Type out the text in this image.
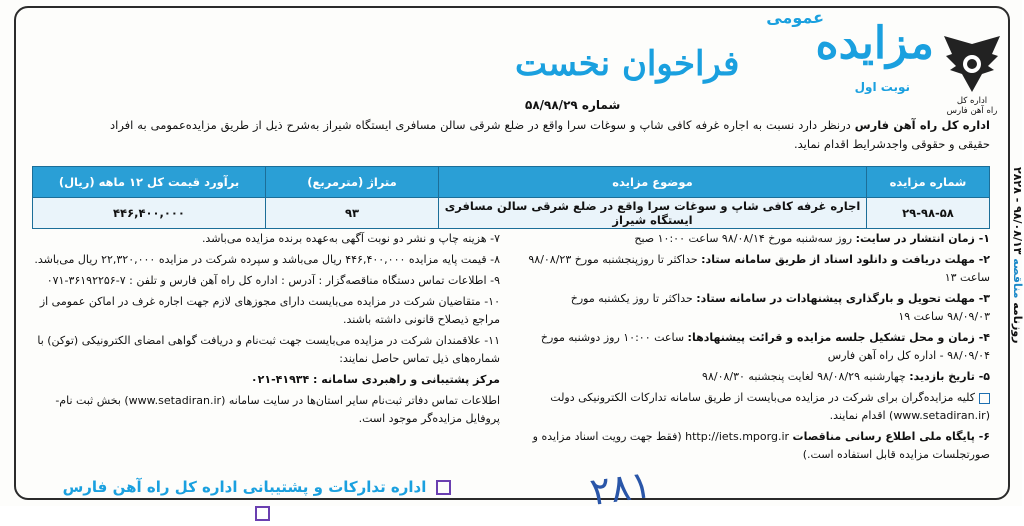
روزنامه مناقصه ۹۸/۰۸/۱۳ - ۲۸۲۸
اداره کل
راه آهن فارس
عمومی
مزایده
فراخوان نخست
نوبت اول
شماره ۵۸/۹۸/۲۹
اداره کل راه آهن فارس درنظر دارد نسبت به اجاره غرفه کافی شاپ و سوغات سرا واقع در ضلع شرقی سالن مسافری ایستگاه شیراز به‌شرح ذیل از طریق مزایده‌عمومی به افراد حقیقی و حقوقی واجدشرایط اقدام نماید.
شماره مزایده	موضوع مزایده	متراژ (مترمربع)	برآورد قیمت کل ۱۲ ماهه (ریال)
۲۹-۹۸-۵۸	اجاره غرفه کافی شاپ و سوغات سرا واقع در ضلع شرقی سالن مسافری ایستگاه شیراز	۹۳	۴۴۶,۴۰۰,۰۰۰
۱- زمان انتشار در سایت: روز سه‌شنبه مورخ ۹۸/۰۸/۱۴ ساعت ۱۰:۰۰ صبح
۲- مهلت دریافت و دانلود اسناد از طریق سامانه ستاد: حداکثر تا روزپنجشنبه مورخ ۹۸/۰۸/۲۳ ساعت ۱۳
۳- مهلت تحویل و بارگذاری پیشنهادات در سامانه ستاد: حداکثر تا روز یکشنبه مورخ ۹۸/۰۹/۰۳ ساعت ۱۹
۴- زمان و محل تشکیل جلسه مزایده و قرائت پیشنهادها: ساعت ۱۰:۰۰ روز دوشنبه مورخ ۹۸/۰۹/۰۴ - اداره کل راه آهن فارس
۵- تاریخ بازدید: چهارشنبه ۹۸/۰۸/۲۹ لغایت پنجشنبه ۹۸/۰۸/۳۰
کلیه مزایده‌گران برای شرکت در مزایده می‌بایست از طریق سامانه تدارکات الکترونیکی دولت (www.setadiran.ir) اقدام نمایند.
۶- پایگاه ملی اطلاع رسانی مناقصات http://iets.mporg.ir (فقط جهت رویت اسناد مزایده و صورتجلسات مزایده قابل استفاده است.)
۷- هزینه چاپ و نشر دو نوبت آگهی به‌عهده برنده مزایده می‌باشد.
۸- قیمت پایه مزایده ۴۴۶,۴۰۰,۰۰۰ ریال می‌باشد و سپرده شرکت در مزایده ۲۲,۳۲۰,۰۰۰ ریال می‌باشد.
۹- اطلاعات تماس دستگاه مناقصه‌گزار : آدرس : اداره کل راه آهن فارس و تلفن : ۷-۳۶۱۹۲۲۵۶-۰۷۱
۱۰- متقاضیان شرکت در مزایده می‌بایست دارای مجوزهای لازم جهت اجاره غرف در اماکن عمومی از مراجع ذیصلاح قانونی داشته باشند.
۱۱- علاقمندان شرکت در مزایده می‌بایست جهت ثبت‌نام و دریافت گواهی امضای الکترونیکی (توکن) با شماره‌های ذیل تماس حاصل نمایند:
مرکز پشتیبانی و راهبردی سامانه : ۴۱۹۳۴-۰۲۱
اطلاعات تماس دفاتر ثبت‌نام سایر استان‌ها در سایت سامانه (www.setadiran.ir) بخش ثبت نام-پروفایل مزایده‌گر موجود است.
۲۸۱
اداره تدارکات و پشتیبانی اداره کل راه آهن فارس
